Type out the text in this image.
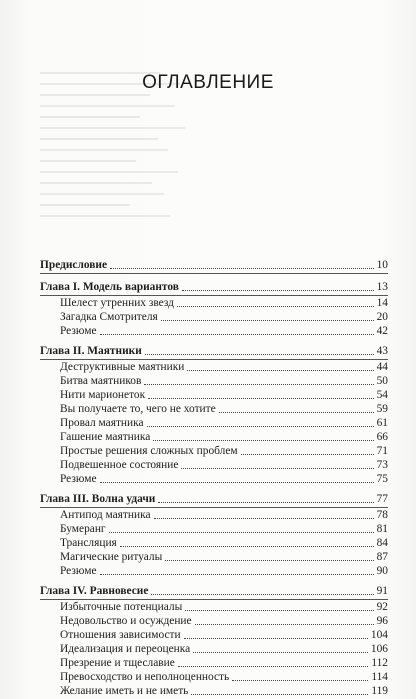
ОГЛАВЛЕНИЕ
Предисловие	10
Глава I. Модель вариантов	13
Шелест утренних звезд	14
Загадка Смотрителя	20
Резюме	42
Глава II. Маятники	43
Деструктивные маятники	44
Битва маятников	50
Нити марионеток	54
Вы получаете то, чего не хотите	59
Провал маятника	61
Гашение маятника	66
Простые решения сложных проблем	71
Подвешенное состояние	73
Резюме	75
Глава III. Волна удачи	77
Антипод маятника	78
Бумеранг	81
Трансляция	84
Магические ритуалы	87
Резюме	90
Глава IV. Равновесие	91
Избыточные потенциалы	92
Недовольство и осуждение	96
Отношения зависимости	104
Идеализация и переоценка	106
Презрение и тщеславие	112
Превосходство и неполноценность	114
Желание иметь и не иметь	119
